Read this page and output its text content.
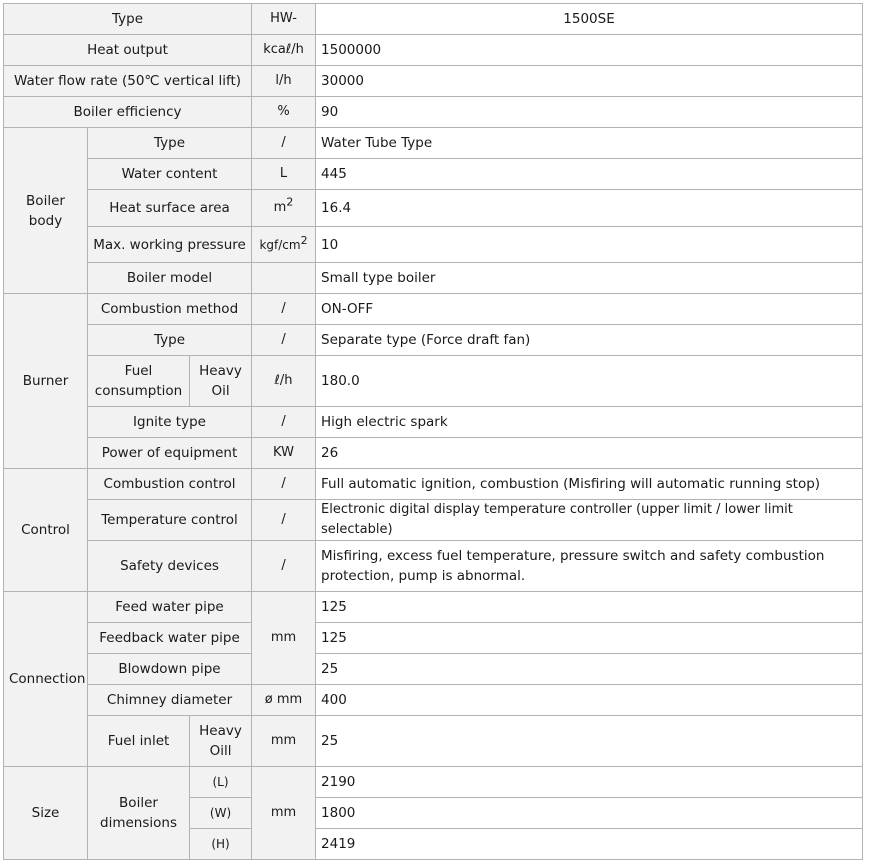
Type			HW-	1500SE
Heat output			kcaℓ/h	1500000
Water flow rate (50℃ vertical lift)			l/h	30000
Boiler efficiency			%	90
Boiler body	Type		/	Water Tube Type
	Water content		L	445
	Heat surface area		$m^2$	16.4
	Max. working pressure		kgf/$cm^2$	10
	Boiler model			Small type boiler
Burner	Combustion method		/	ON-OFF
	Type		/	Separate type (Force draft fan)
	Fuel consumption	Heavy Oil	ℓ/h	180.0
	Ignite type		/	High electric spark
	Power of equipment		KW	26
Control	Combustion control		/	Full automatic ignition, combustion (Misfiring will automatic running stop)
	Temperature control		/	Electronic digital display temperature controller (upper limit / lower limit selectable)
	Safety devices		/	Misfiring, excess fuel temperature, pressure switch and safety combustion protection, pump is abnormal.
Connection	Feed water pipe		mm	125
	Feedback water pipe			125
	Blowdown pipe			25
	Chimney diameter		ø mm	400
	Fuel inlet	Heavy Oill	mm	25
Size	Boiler dimensions	(L)	mm	2190
		(W)		1800
		(H)		2419
